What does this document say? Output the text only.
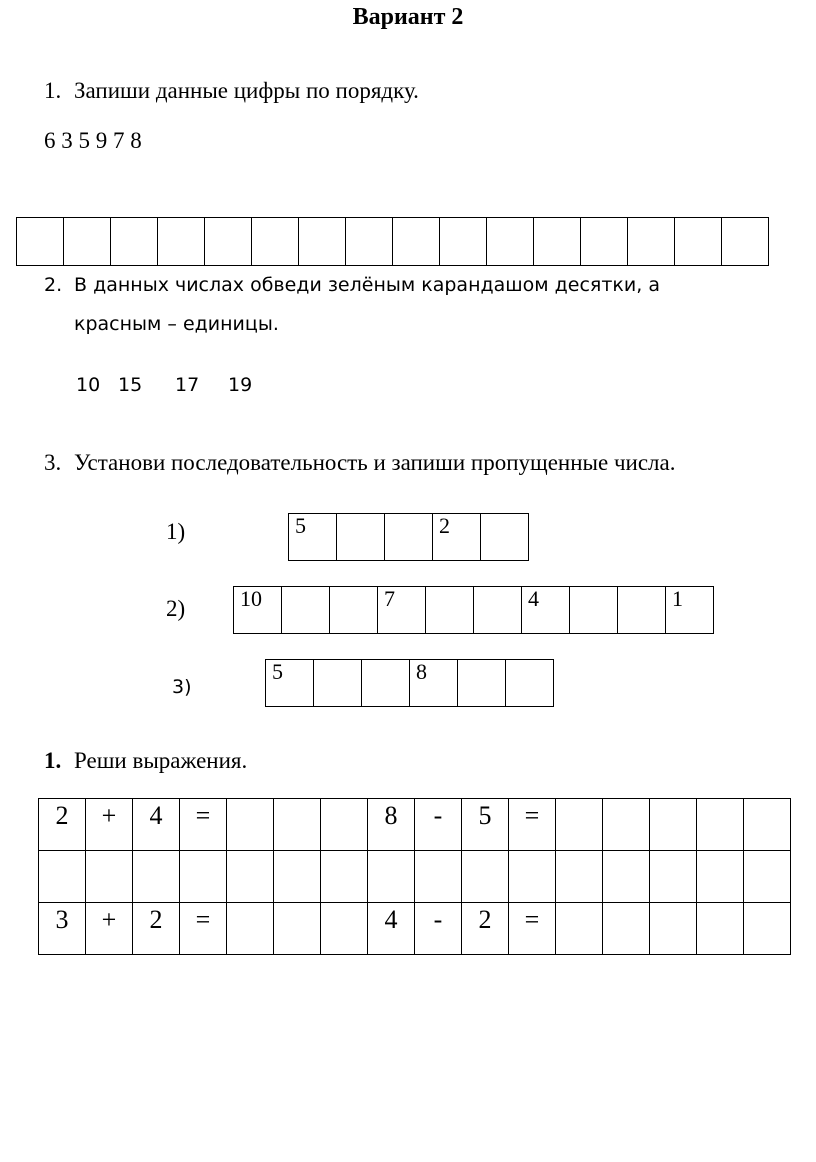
Вариант 2
1. Запиши данные цифры по порядку.
6 3 5 9 7 8

2. В данных числах обведи зелёным карандашом десятки, а
красным – единицы.
10 15 17 19
3. Установи последовательность и запиши пропущенные числа.
1)	5			2	
2) 10			7			4			1
3)
5			8		
1. Реши выражения.
2	+	4	=				8	-	5	=					

3	+	2	=				4	-	2	=					
